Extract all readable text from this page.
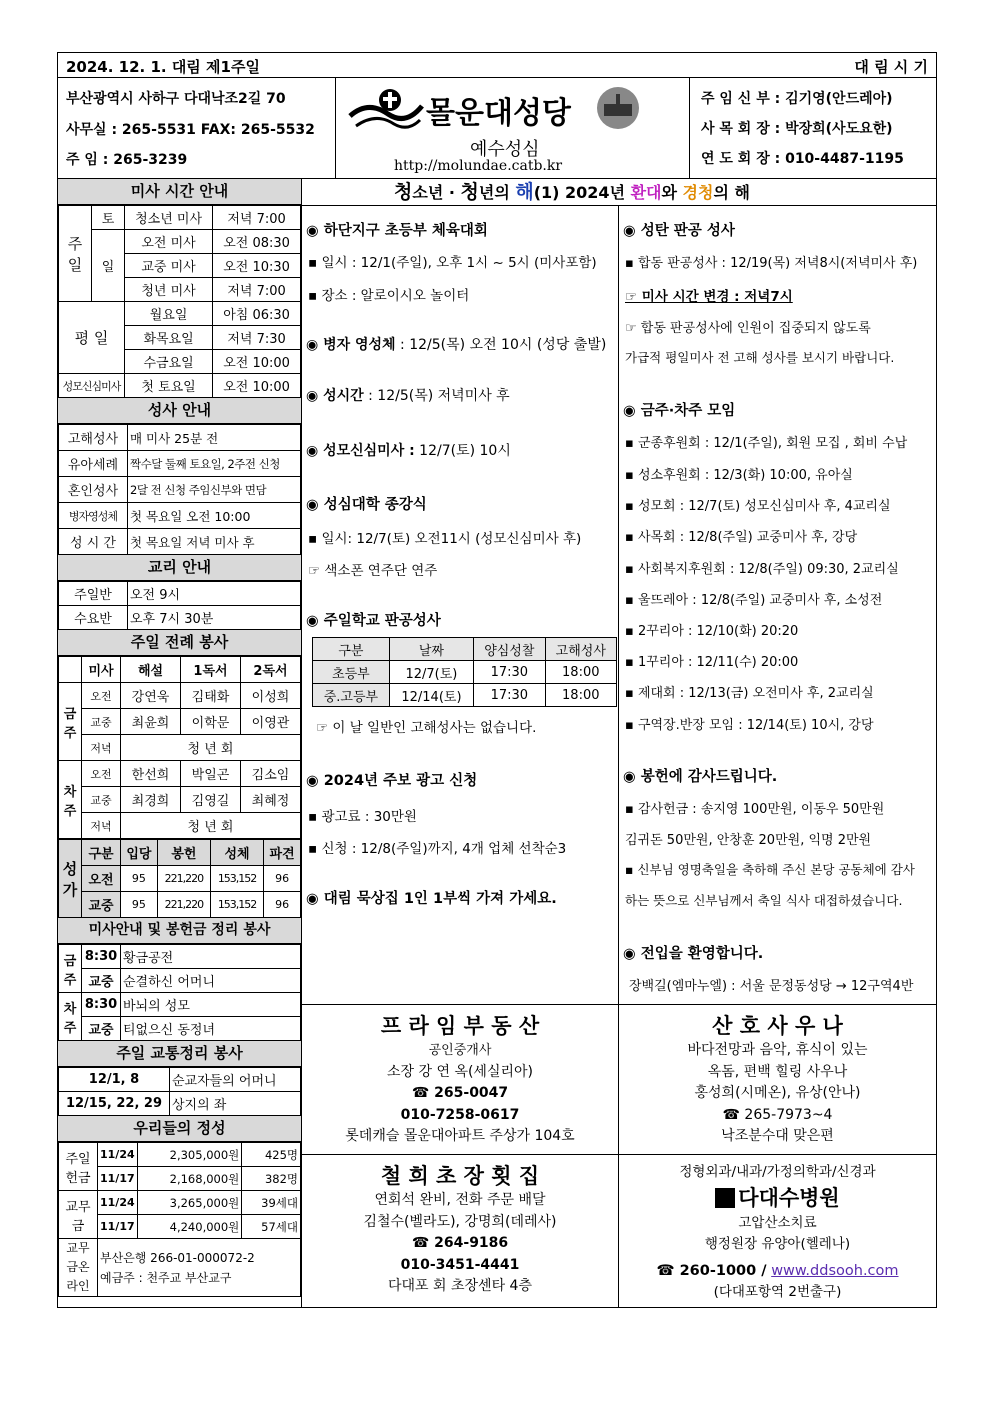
2024. 12. 1. 대림 제1주일	대 림 시 기
부산광역시 사하구 다대낙조2길 70
사무실 : 265-5531 FAX: 265-5532
주 임 : 265-3239
몰운대성당
예수성심
http://molundae.catb.kr
주 임 신 부 : 김기영(안드레아)
사 목 회 장 : 박장희(사도요한)
연 도 회 장 : 010-4487-1195
미사 시간 안내
주 일	토	청소년 미사	저녁 7:00
	일	오전 미사	오전 08:30
		교중 미사	오전 10:30
		청년 미사	저녁 7:00
평 일		월요일	아침 06:30
		화목요일	저녁 7:30
		수금요일	오전 10:00
성모신심미사		첫 토요일	오전 10:00
성사 안내
고해성사	매 미사 25분 전
유아세례	짝수달 둘째 토요일, 2주전 신청
혼인성사	2달 전 신청 주임신부와 면담
병자영성체	첫 목요일 오전 10:00
성 시 간	첫 목요일 저녁 미사 후
교리 안내
주일반	오전 9시
수요반	오후 7시 30분
주일 전례 봉사
	미사	해설	1독서	2독서
금주	오전	강연욱	김태화	이성희
	교중	최윤희	이학문	이영관
	저녁	청 년 회		
차주	오전	한선희	박일곤	김소임
	교중	최경희	김영길	최혜정
	저녁	청 년 회		
성가	구분	입당	봉헌	성체	파견
	오전	95	221,220	153,152	96
	교중	95	221,220	153,152	96
미사안내 및 봉헌금 정리 봉사
금주	8:30	황금공전
	교중	순결하신 어머니
차주	8:30	바뇌의 성모
	교중	티없으신 동정녀
주일 교통정리 봉사
12/1, 8	순교자들의 어머니
12/15, 22, 29	상지의 좌
우리들의 정성
주일헌금	11/24	2,305,000원	425명
	11/17	2,168,000원	382명
교무금	11/24	3,265,000원	39세대
	11/17	4,240,000원	57세대
교무금온라인	부산은행 266-01-000072-2
예금주 : 천주교 부산교구		
청소년 · 청년의 해(1) 2024년 환대와 경청의 해
◉ 하단지구 초등부 체육대회
▪ 일시 : 12/1(주일), 오후 1시 ~ 5시 (미사포함)
▪ 장소 : 알로이시오 놀이터
◉ 병자 영성체 : 12/5(목) 오전 10시 (성당 출발)
◉ 성시간 : 12/5(목) 저녁미사 후
◉ 성모신심미사 : 12/7(토) 10시
◉ 성심대학 종강식
▪ 일시: 12/7(토) 오전11시 (성모신심미사 후)
☞ 색소폰 연주단 연주
◉ 주일학교 판공성사
구분	날짜	양심성찰	고해성사
초등부	12/7(토)	17:30	18:00
중.고등부	12/14(토)	17:30	18:00
☞ 이 날 일반인 고해성사는 없습니다.
◉ 2024년 주보 광고 신청
▪ 광고료 : 30만원
▪ 신청 : 12/8(주일)까지, 4개 업체 선착순3
◉ 대림 묵상집 1인 1부씩 가져 가세요.
◉ 성탄 판공 성사
▪ 합동 판공성사 : 12/19(목) 저녁8시(저녁미사 후)
☞ 미사 시간 변경 : 저녁7시
☞ 합동 판공성사에 인원이 집중되지 않도록
가급적 평일미사 전 고해 성사를 보시기 바랍니다.
◉ 금주·차주 모임
▪ 군종후원회 : 12/1(주일), 회원 모집 , 회비 수납
▪ 성소후원회 : 12/3(화) 10:00, 유아실
▪ 성모회 : 12/7(토) 성모신심미사 후, 4교리실
▪ 사목회 : 12/8(주일) 교중미사 후, 강당
▪ 사회복지후원회 : 12/8(주일) 09:30, 2교리실
▪ 울뜨레아 : 12/8(주일) 교중미사 후, 소성전
▪ 2꾸리아 : 12/10(화) 20:20
▪ 1꾸리아 : 12/11(수) 20:00
▪ 제대회 : 12/13(금) 오전미사 후, 2교리실
▪ 구역장.반장 모임 : 12/14(토) 10시, 강당
◉ 봉헌에 감사드립니다.
▪ 감사헌금 : 송지영 100만원, 이동우 50만원
김귀돈 50만원, 안창훈 20만원, 익명 2만원
▪ 신부님 영명축일을 축하해 주신 본당 공동체에 감사
하는 뜻으로 신부님께서 축일 식사 대접하셨습니다.
◉ 전입을 환영합니다.
장백길(엠마누엘) : 서울 문정동성당 → 12구역4반
프 라 임 부 동 산
공인중개사
소장 강 연 옥(세실리아)
☎ 265-0047
010-7258-0617
롯데캐슬 몰운대아파트 주상가 104호
산 호 사 우 나
바다전망과 음악, 휴식이 있는
옥돔, 편백 힐링 사우나
홍성희(시메온), 유상(안나)
☎ 265-7973~4
낙조분수대 맞은편
철 희 초 장 횟 집
연회석 완비, 전화 주문 배달
김철수(벨라도), 강명희(데레사)
☎ 264-9186
010-3451-4441
다대포 회 초장센타 4층
정형외과/내과/가정의학과/신경과
다대수병원
고압산소치료
행정원장 유양아(헬레나)
☎ 260-1000 / www.ddsooh.com
(다대포항역 2번출구)
